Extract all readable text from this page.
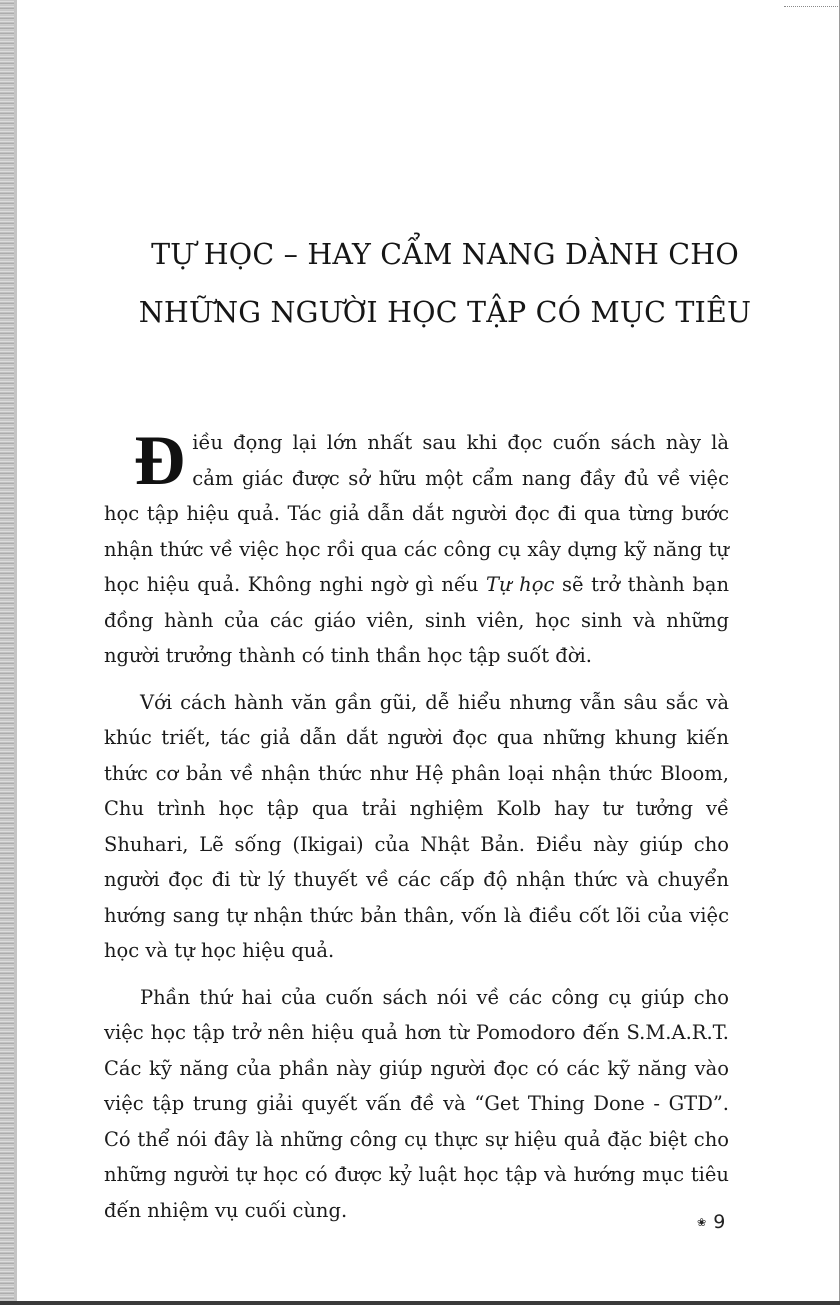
TỰ HỌC – HAY CẨM NANG DÀNH CHO
NHỮNG NGƯỜI HỌC TẬP CÓ MỤC TIÊU

Điều đọng lại lớn nhất sau khi đọc cuốn sách này là cảm giác được sở hữu một cẩm nang đầy đủ về việc học tập hiệu quả. Tác giả dẫn dắt người đọc đi qua từng bước nhận thức về việc học rồi qua các công cụ xây dựng kỹ năng tự học hiệu quả. Không nghi ngờ gì nếu Tự học sẽ trở thành bạn đồng hành của các giáo viên, sinh viên, học sinh và những người trưởng thành có tinh thần học tập suốt đời.

Với cách hành văn gần gũi, dễ hiểu nhưng vẫn sâu sắc và khúc triết, tác giả dẫn dắt người đọc qua những khung kiến thức cơ bản về nhận thức như Hệ phân loại nhận thức Bloom, Chu trình học tập qua trải nghiệm Kolb hay tư tưởng về Shuhari, Lẽ sống (Ikigai) của Nhật Bản. Điều này giúp cho người đọc đi từ lý thuyết về các cấp độ nhận thức và chuyển hướng sang tự nhận thức bản thân, vốn là điều cốt lõi của việc học và tự học hiệu quả.

Phần thứ hai của cuốn sách nói về các công cụ giúp cho việc học tập trở nên hiệu quả hơn từ Pomodoro đến S.M.A.R.T. Các kỹ năng của phần này giúp người đọc có các kỹ năng vào việc tập trung giải quyết vấn đề và “Get Thing Done - GTD”. Có thể nói đây là những công cụ thực sự hiệu quả đặc biệt cho những người tự học có được kỷ luật học tập và hướng mục tiêu đến nhiệm vụ cuối cùng.

❀ 9
